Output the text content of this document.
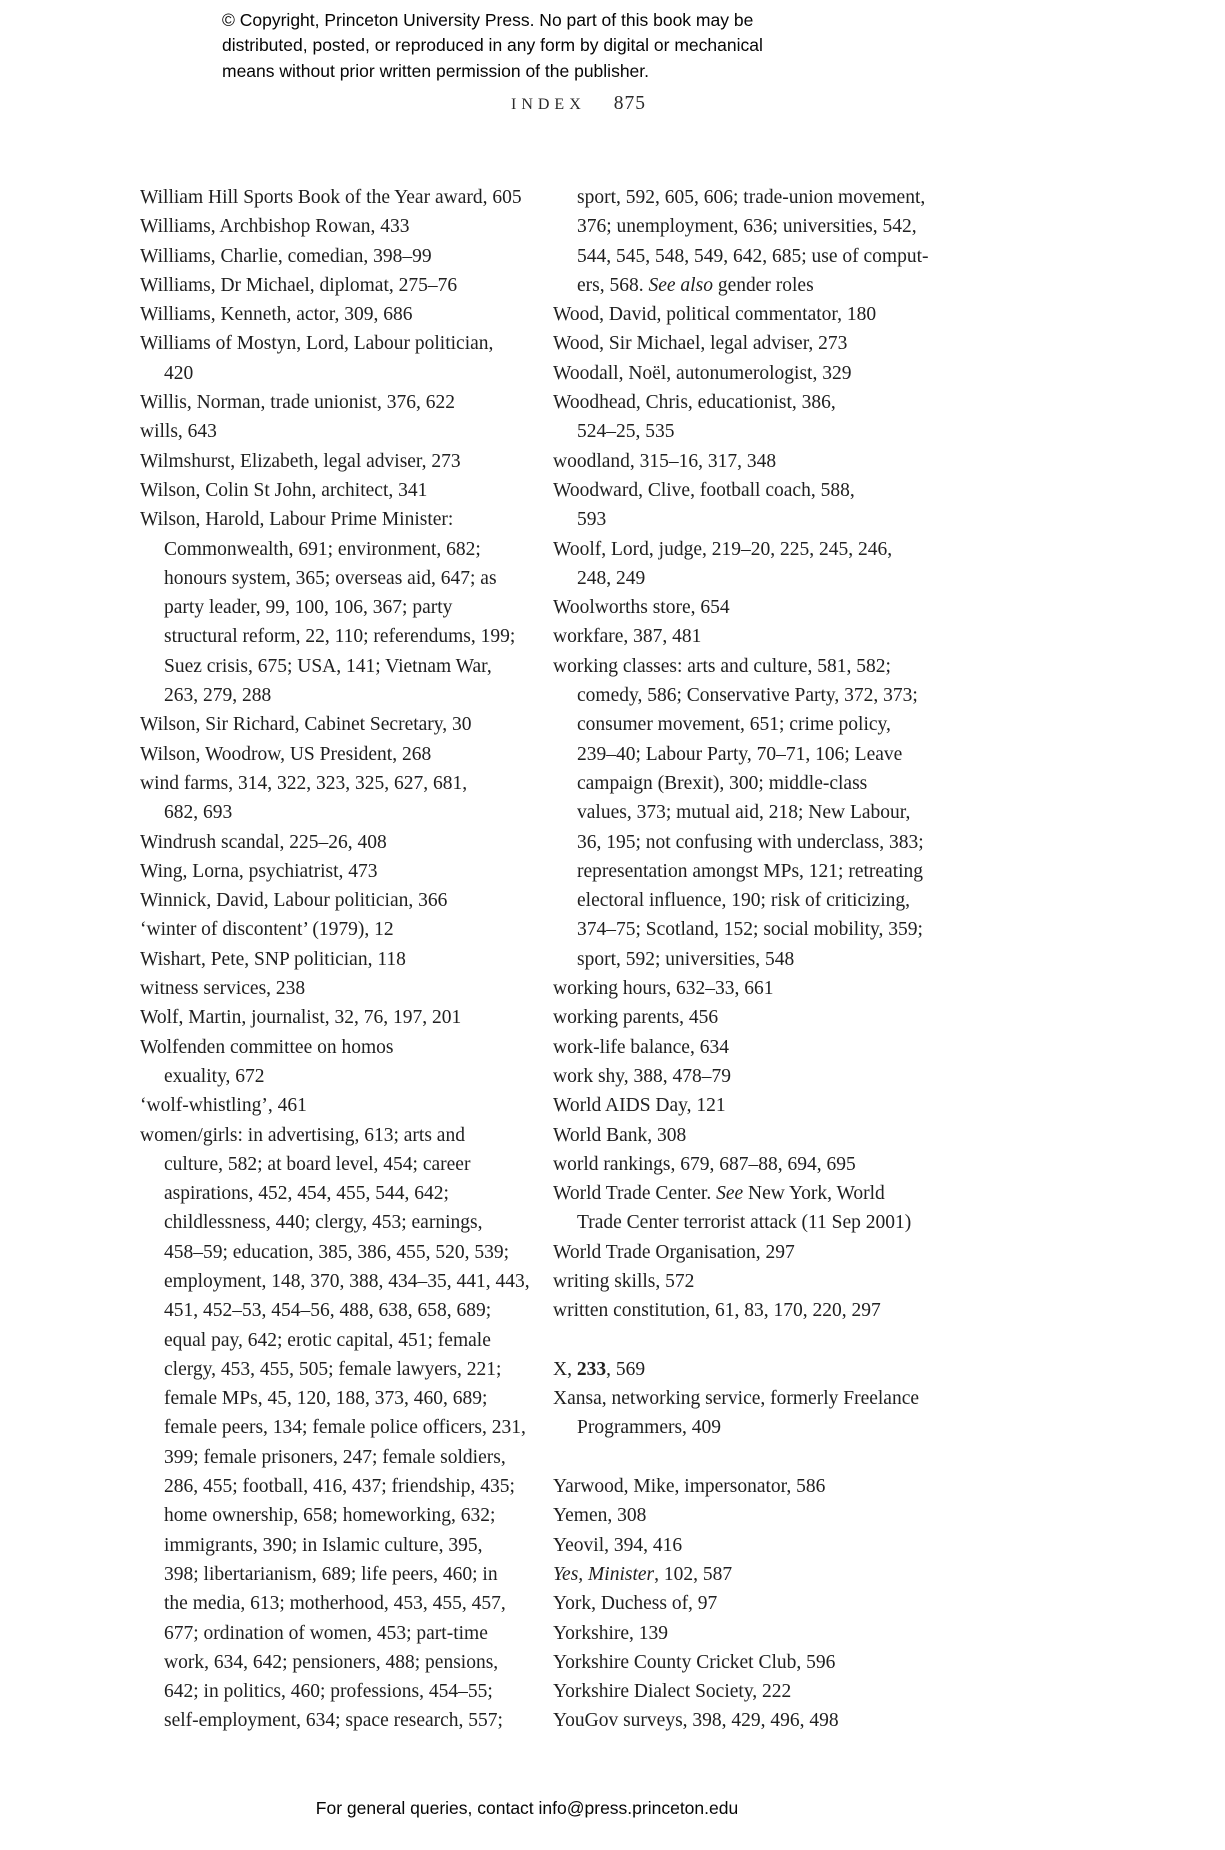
© Copyright, Princeton University Press. No part of this book may be
distributed, posted, or reproduced in any form by digital or mechanical
means without prior written permission of the publisher.
INDEX 875
William Hill Sports Book of the Year award, 605
Williams, Archbishop Rowan, 433
Williams, Charlie, comedian, 398–99
Williams, Dr Michael, diplomat, 275–76
Williams, Kenneth, actor, 309, 686
Williams of Mostyn, Lord, Labour politician,
420
Willis, Norman, trade unionist, 376, 622
wills, 643
Wilmshurst, Elizabeth, legal adviser, 273
Wilson, Colin St John, architect, 341
Wilson, Harold, Labour Prime Minister:
Commonwealth, 691; environment, 682;
honours system, 365; overseas aid, 647; as
party leader, 99, 100, 106, 367; party
structural reform, 22, 110; referendums, 199;
Suez crisis, 675; USA, 141; Vietnam War,
263, 279, 288
Wilson, Sir Richard, Cabinet Secretary, 30
Wilson, Woodrow, US President, 268
wind farms, 314, 322, 323, 325, 627, 681,
682, 693
Windrush scandal, 225–26, 408
Wing, Lorna, psychiatrist, 473
Winnick, David, Labour politician, 366
‘winter of discontent’ (1979), 12
Wishart, Pete, SNP politician, 118
witness services, 238
Wolf, Martin, journalist, 32, 76, 197, 201
Wolfenden committee on homos
exuality, 672
‘wolf-whistling’, 461
women/girls: in advertising, 613; arts and
culture, 582; at board level, 454; career
aspirations, 452, 454, 455, 544, 642;
childlessness, 440; clergy, 453; earnings,
458–59; education, 385, 386, 455, 520, 539;
employment, 148, 370, 388, 434–35, 441, 443,
451, 452–53, 454–56, 488, 638, 658, 689;
equal pay, 642; erotic capital, 451; female
clergy, 453, 455, 505; female lawyers, 221;
female MPs, 45, 120, 188, 373, 460, 689;
female peers, 134; female police officers, 231,
399; female prisoners, 247; female soldiers,
286, 455; football, 416, 437; friendship, 435;
home ownership, 658; homeworking, 632;
immigrants, 390; in Islamic culture, 395,
398; libertarianism, 689; life peers, 460; in
the media, 613; motherhood, 453, 455, 457,
677; ordination of women, 453; part-time
work, 634, 642; pensioners, 488; pensions,
642; in politics, 460; professions, 454–55;
self-employment, 634; space research, 557;
sport, 592, 605, 606; trade-union movement,
376; unemployment, 636; universities, 542,
544, 545, 548, 549, 642, 685; use of comput-
ers, 568. See also gender roles
Wood, David, political commentator, 180
Wood, Sir Michael, legal adviser, 273
Woodall, Noël, autonumerologist, 329
Woodhead, Chris, educationist, 386,
524–25, 535
woodland, 315–16, 317, 348
Woodward, Clive, football coach, 588,
593
Woolf, Lord, judge, 219–20, 225, 245, 246,
248, 249
Woolworths store, 654
workfare, 387, 481
working classes: arts and culture, 581, 582;
comedy, 586; Conservative Party, 372, 373;
consumer movement, 651; crime policy,
239–40; Labour Party, 70–71, 106; Leave
campaign (Brexit), 300; middle-class
values, 373; mutual aid, 218; New Labour,
36, 195; not confusing with underclass, 383;
representation amongst MPs, 121; retreating
electoral influence, 190; risk of criticizing,
374–75; Scotland, 152; social mobility, 359;
sport, 592; universities, 548
working hours, 632–33, 661
working parents, 456
work-life balance, 634
work shy, 388, 478–79
World AIDS Day, 121
World Bank, 308
world rankings, 679, 687–88, 694, 695
World Trade Center. See New York, World
Trade Center terrorist attack (11 Sep 2001)
World Trade Organisation, 297
writing skills, 572
written constitution, 61, 83, 170, 220, 297
X, 233, 569
Xansa, networking service, formerly Freelance
Programmers, 409
Yarwood, Mike, impersonator, 586
Yemen, 308
Yeovil, 394, 416
Yes, Minister, 102, 587
York, Duchess of, 97
Yorkshire, 139
Yorkshire County Cricket Club, 596
Yorkshire Dialect Society, 222
YouGov surveys, 398, 429, 496, 498
For general queries, contact info@press.princeton.edu
